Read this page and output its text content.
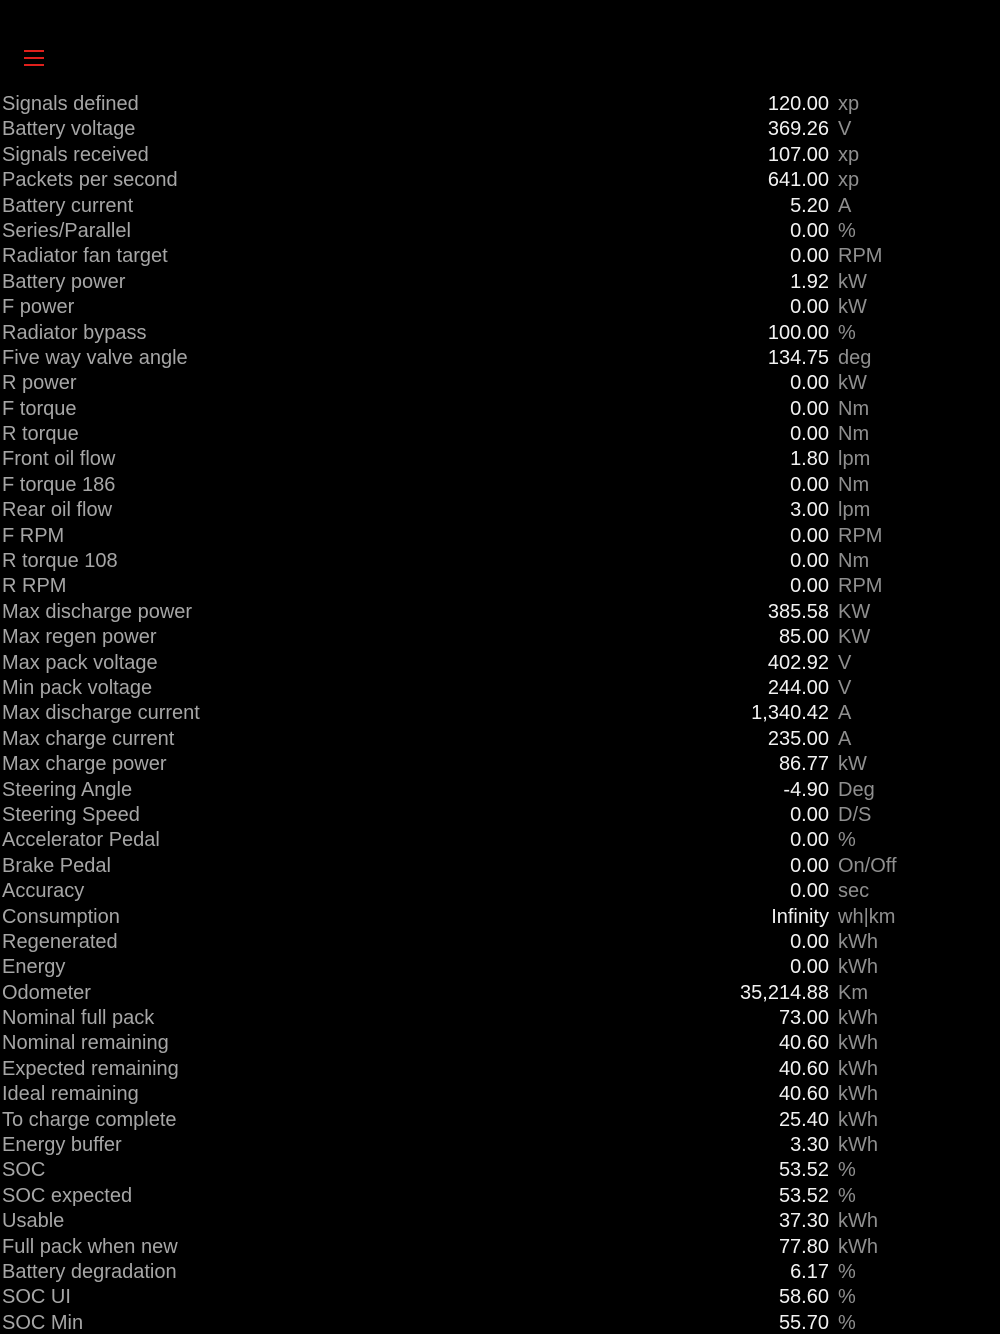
Signals defined	120.00 xp
Battery voltage	369.26 V
Signals received	107.00 xp
Packets per second	641.00 xp
Battery current	5.20 A
Series/Parallel	0.00 %
Radiator fan target	0.00 RPM
Battery power	1.92 kW
F power	0.00 kW
Radiator bypass	100.00 %
Five way valve angle	134.75 deg
R power	0.00 kW
F torque	0.00 Nm
R torque	0.00 Nm
Front oil flow	1.80 lpm
F torque 186	0.00 Nm
Rear oil flow	3.00 lpm
F RPM	0.00 RPM
R torque 108	0.00 Nm
R RPM	0.00 RPM
Max discharge power	385.58 KW
Max regen power	85.00 KW
Max pack voltage	402.92 V
Min pack voltage	244.00 V
Max discharge current	1,340.42 A
Max charge current	235.00 A
Max charge power	86.77 kW
Steering Angle	-4.90 Deg
Steering Speed	0.00 D/S
Accelerator Pedal	0.00 %
Brake Pedal	0.00 On/Off
Accuracy	0.00 sec
Consumption	Infinity wh|km
Regenerated	0.00 kWh
Energy	0.00 kWh
Odometer	35,214.88 Km
Nominal full pack	73.00 kWh
Nominal remaining	40.60 kWh
Expected remaining	40.60 kWh
Ideal remaining	40.60 kWh
To charge complete	25.40 kWh
Energy buffer	3.30 kWh
SOC	53.52 %
SOC expected	53.52 %
Usable	37.30 kWh
Full pack when new	77.80 kWh
Battery degradation	6.17 %
SOC UI	58.60 %
SOC Min	55.70 %
